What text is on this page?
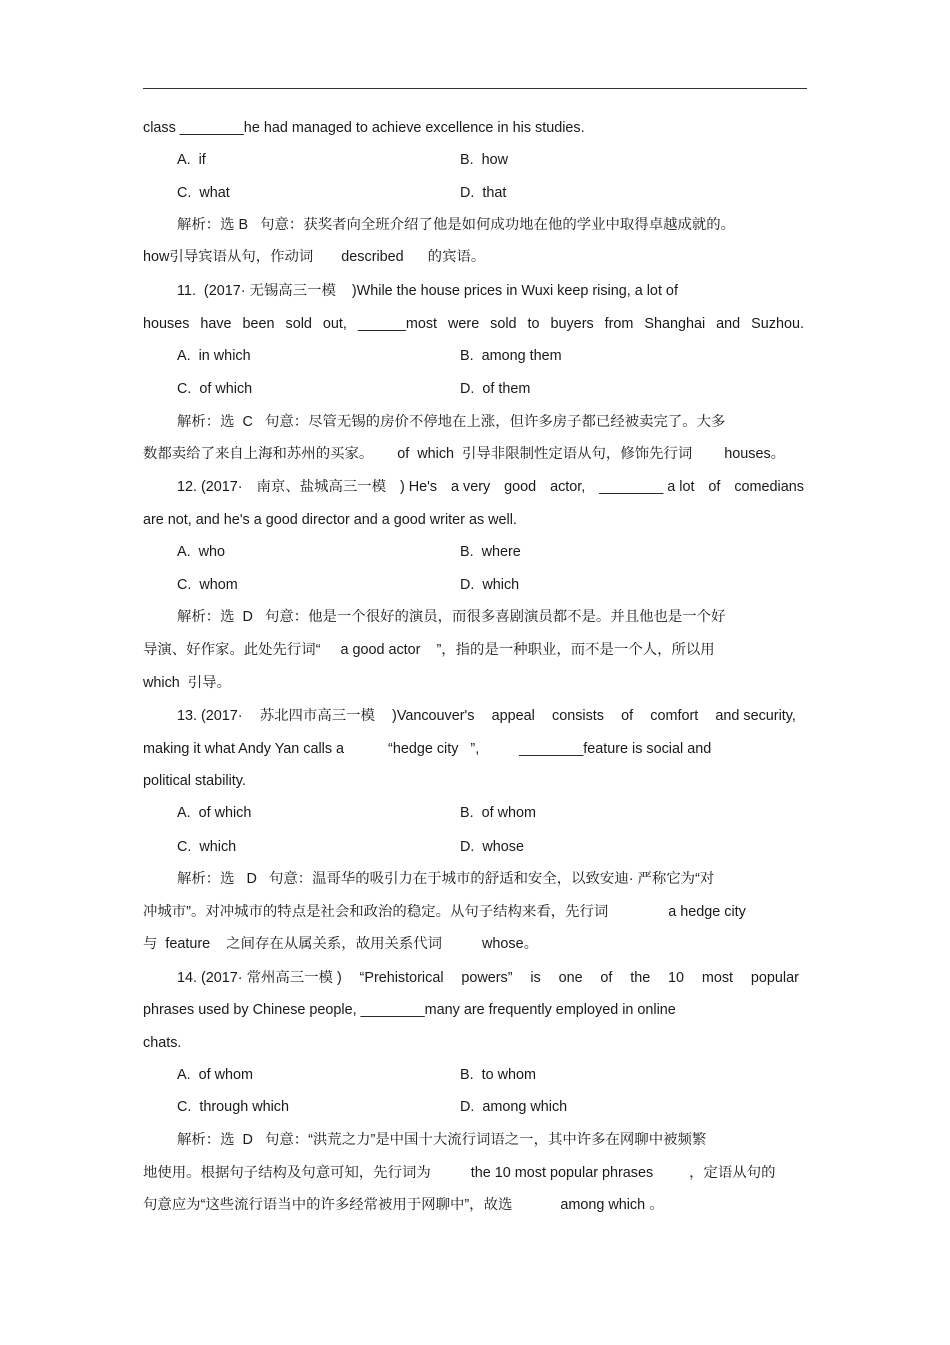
class ________he had managed to achieve excellence in his studies.
A.  if	B.  how
C.  what	D.  that
解析：选 B   句意：获奖者向全班介绍了他是如何成功地在他的学业中取得卓越成就的。
how引导宾语从句，作动词       described      的宾语。
11.  (2017· 无锡高三一模    )While the house prices in Wuxi keep rising, a lot of
houses have been sold out, ______most were sold to buyers from Shanghai and Suzhou.
A.  in which	B.  among them
C.  of which	D.  of them
解析：选  C   句意：尽管无锡的房价不停地在上涨，但许多房子都已经被卖完了。大多
数都卖给了来自上海和苏州的买家。      of  which  引导非限制性定语从句，修饰先行词        houses。
12. (2017· 南京、盐城高三一模 ) He's a very good actor, ________ a lot of comedians
are not, and he's a good director and a good writer as well.
A.  who	B.  where
C.  whom	D.  which
解析：选  D   句意：他是一个很好的演员，而很多喜剧演员都不是。并且他也是一个好
导演、好作家。此处先行词“     a good actor    ”，指的是一种职业，而不是一个人，所以用
which  引导。
13. (2017· 苏北四市高三一模 )Vancouver's appeal consists of comfort and security,
making it what Andy Yan calls a           “hedge city   ”,          ________feature is social and
political stability.
A.  of which	B.  of whom
C.  which	D.  whose
解析：选   D   句意：温哥华的吸引力在于城市的舒适和安全，以致安迪· 严称它为“对
冲城市”。对冲城市的特点是社会和政治的稳定。从句子结构来看，先行词               a hedge city
与  feature    之间存在从属关系，故用关系代词          whose。
14. (2017· 常州高三一模 ) “Prehistorical powers” is one of the 10 most popular
phrases used by Chinese people, ________many are frequently employed in online
chats.
A.  of whom	B.  to whom
C.  through which	D.  among which
解析：选  D   句意：“洪荒之力”是中国十大流行词语之一，其中许多在网聊中被频繁
地使用。根据句子结构及句意可知，先行词为          the 10 most popular phrases         ，定语从句的
句意应为“这些流行语当中的许多经常被用于网聊中”，故选            among which 。
